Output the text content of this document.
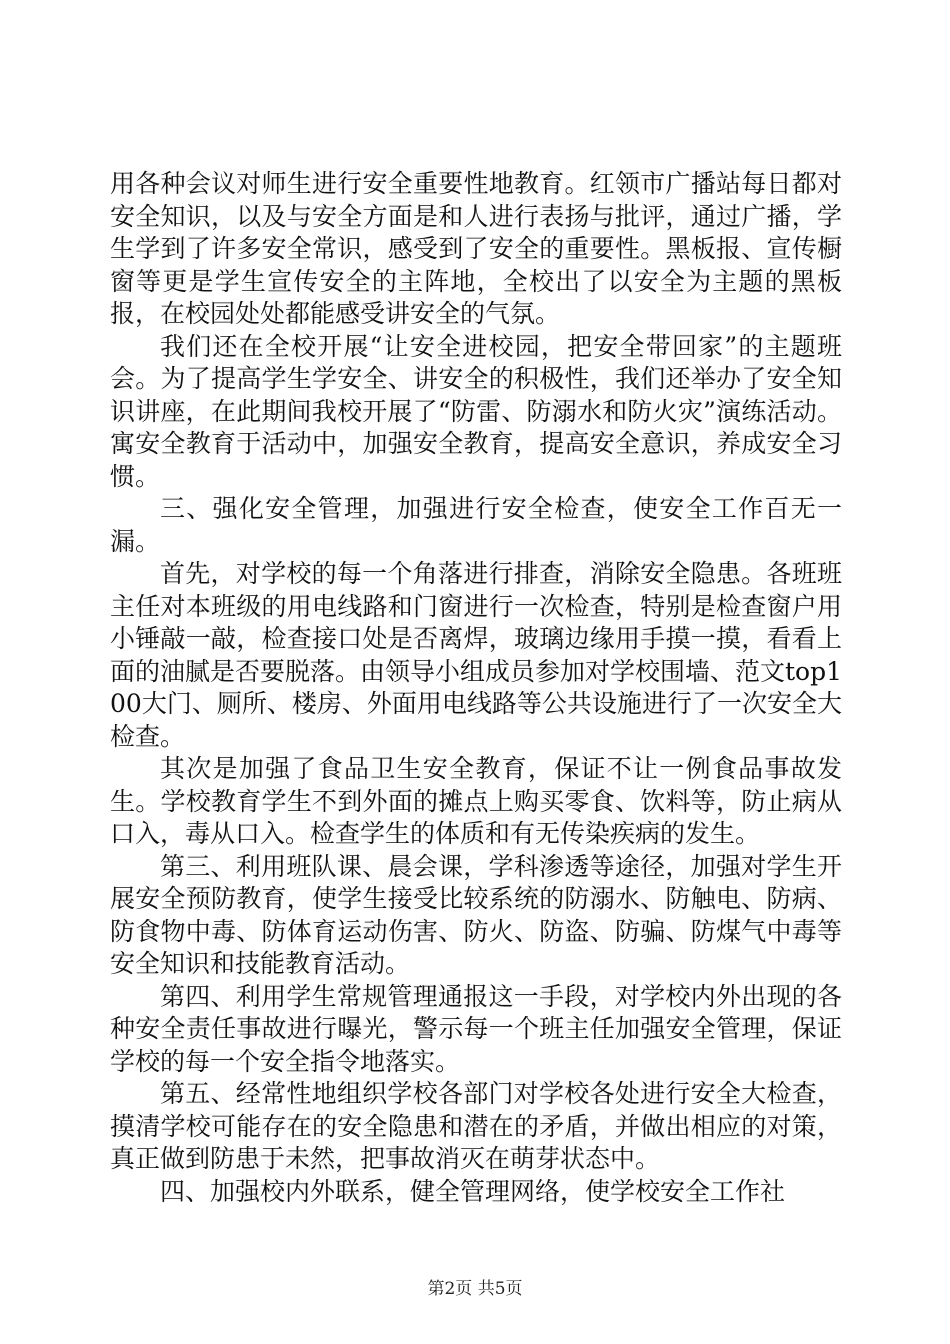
用各种会议对师生进行安全重要性地教育。红领市广播站每日都对安全知识，以及与安全方面是和人进行表扬与批评，通过广播，学生学到了许多安全常识，感受到了安全的重要性。黑板报、宣传橱窗等更是学生宣传安全的主阵地，全校出了以安全为主题的黑板报，在校园处处都能感受讲安全的气氛。

我们还在全校开展“让安全进校园，把安全带回家”的主题班会。为了提高学生学安全、讲安全的积极性，我们还举办了安全知识讲座，在此期间我校开展了“防雷、防溺水和防火灾”演练活动。寓安全教育于活动中，加强安全教育，提高安全意识，养成安全习惯。

三、强化安全管理，加强进行安全检查，使安全工作百无一漏。

首先，对学校的每一个角落进行排查，消除安全隐患。各班班主任对本班级的用电线路和门窗进行一次检查，特别是检查窗户用小锤敲一敲，检查接口处是否离焊，玻璃边缘用手摸一摸，看看上面的油腻是否要脱落。由领导小组成员参加对学校围墙、范文top100大门、厕所、楼房、外面用电线路等公共设施进行了一次安全大检查。

其次是加强了食品卫生安全教育，保证不让一例食品事故发生。学校教育学生不到外面的摊点上购买零食、饮料等，防止病从口入，毒从口入。检查学生的体质和有无传染疾病的发生。

第三、利用班队课、晨会课，学科渗透等途径，加强对学生开展安全预防教育，使学生接受比较系统的防溺水、防触电、防病、防食物中毒、防体育运动伤害、防火、防盗、防骗、防煤气中毒等安全知识和技能教育活动。

第四、利用学生常规管理通报这一手段，对学校内外出现的各种安全责任事故进行曝光，警示每一个班主任加强安全管理，保证学校的每一个安全指令地落实。

第五、经常性地组织学校各部门对学校各处进行安全大检查，摸清学校可能存在的安全隐患和潜在的矛盾，并做出相应的对策，真正做到防患于未然，把事故消灭在萌芽状态中。

四、加强校内外联系，健全管理网络，使学校安全工作社

第2页 共5页
